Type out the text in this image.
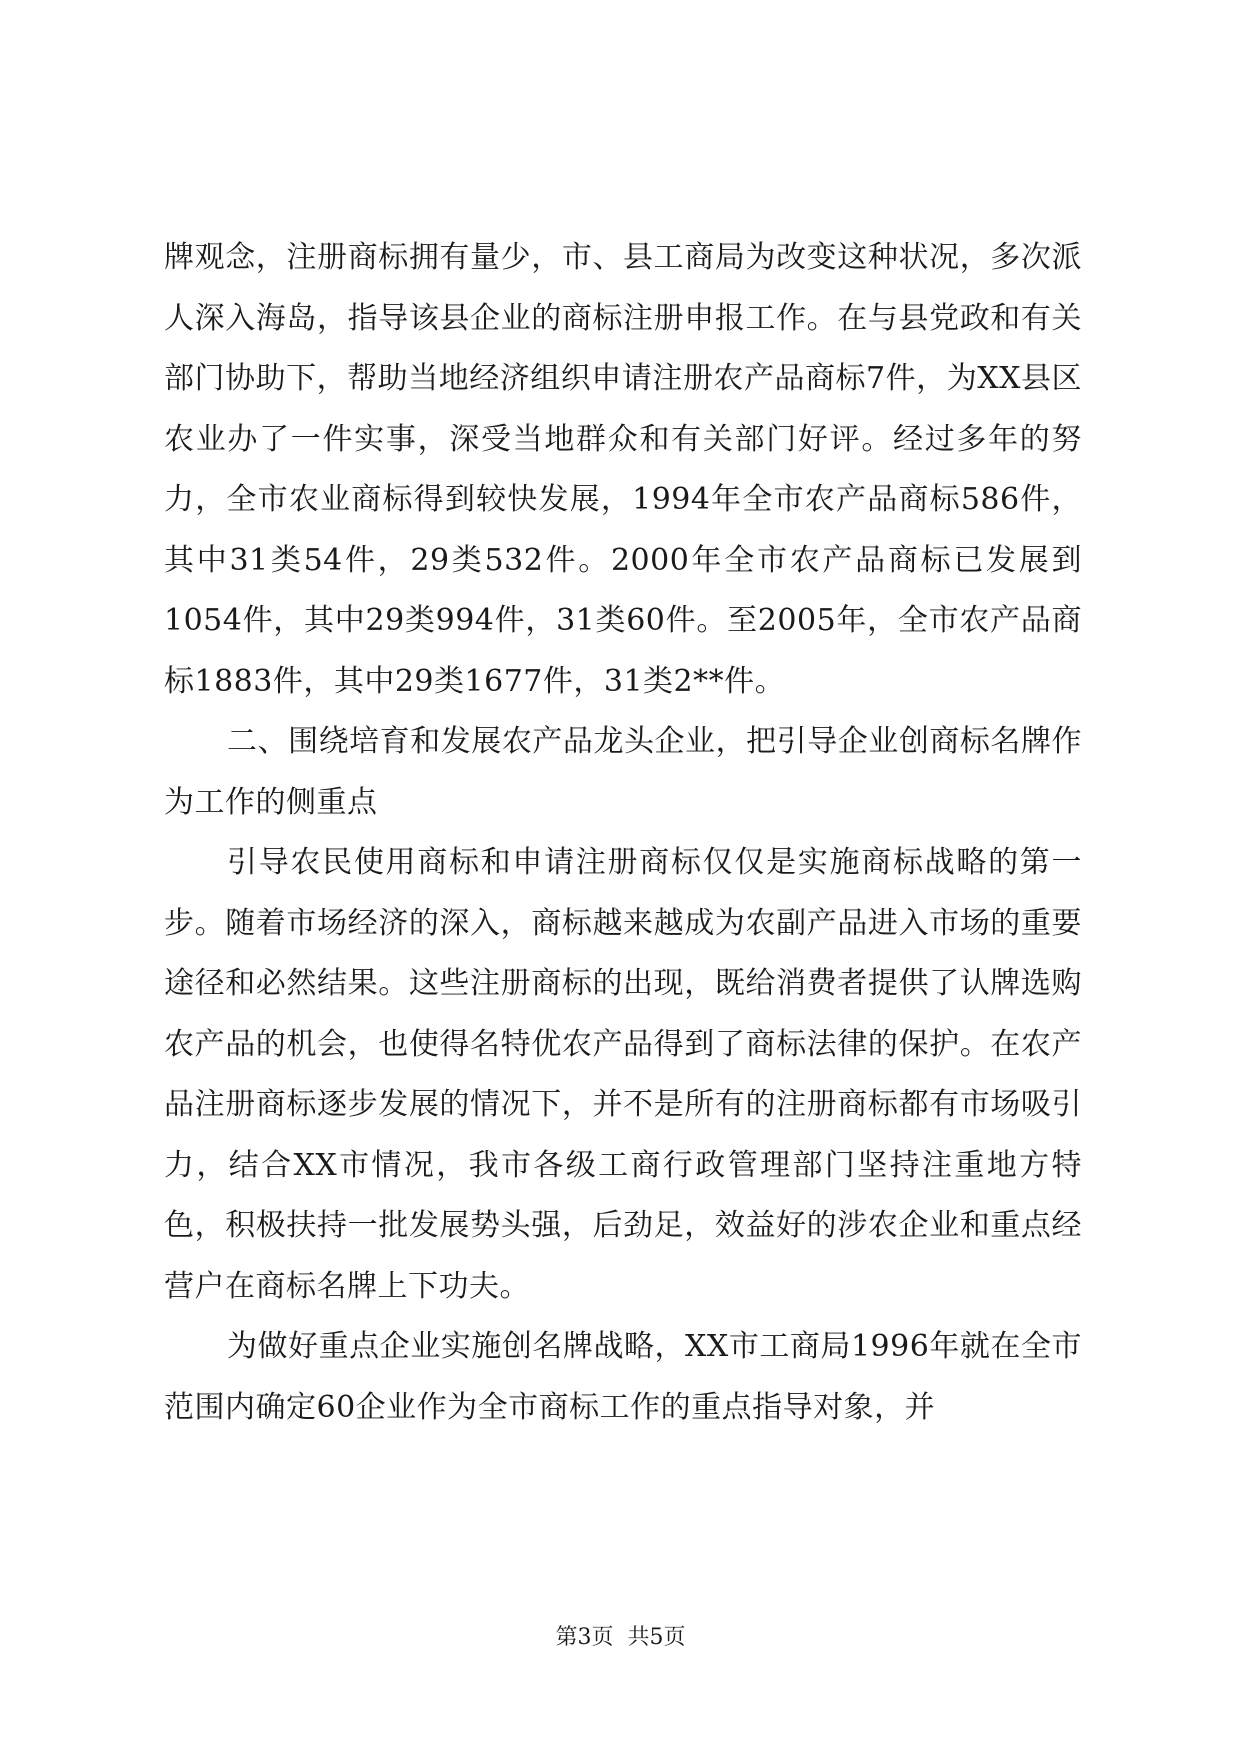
牌观念，注册商标拥有量少，市、县工商局为改变这种状况，多次派人深入海岛，指导该县企业的商标注册申报工作。在与县党政和有关部门协助下，帮助当地经济组织申请注册农产品商标7件，为XX县区农业办了一件实事，深受当地群众和有关部门好评。经过多年的努力，全市农业商标得到较快发展，1994年全市农产品商标586件，其中31类54件，29类532件。2000年全市农产品商标已发展到1054件，其中29类994件，31类60件。至2005年，全市农产品商标1883件，其中29类1677件，31类2**件。

二、围绕培育和发展农产品龙头企业，把引导企业创商标名牌作为工作的侧重点

引导农民使用商标和申请注册商标仅仅是实施商标战略的第一步。随着市场经济的深入，商标越来越成为农副产品进入市场的重要途径和必然结果。这些注册商标的出现，既给消费者提供了认牌选购农产品的机会，也使得名特优农产品得到了商标法律的保护。在农产品注册商标逐步发展的情况下，并不是所有的注册商标都有市场吸引力，结合XX市情况，我市各级工商行政管理部门坚持注重地方特色，积极扶持一批发展势头强，后劲足，效益好的涉农企业和重点经营户在商标名牌上下功夫。

为做好重点企业实施创名牌战略，XX市工商局1996年就在全市范围内确定60企业作为全市商标工作的重点指导对象，并

第3页  共5页
